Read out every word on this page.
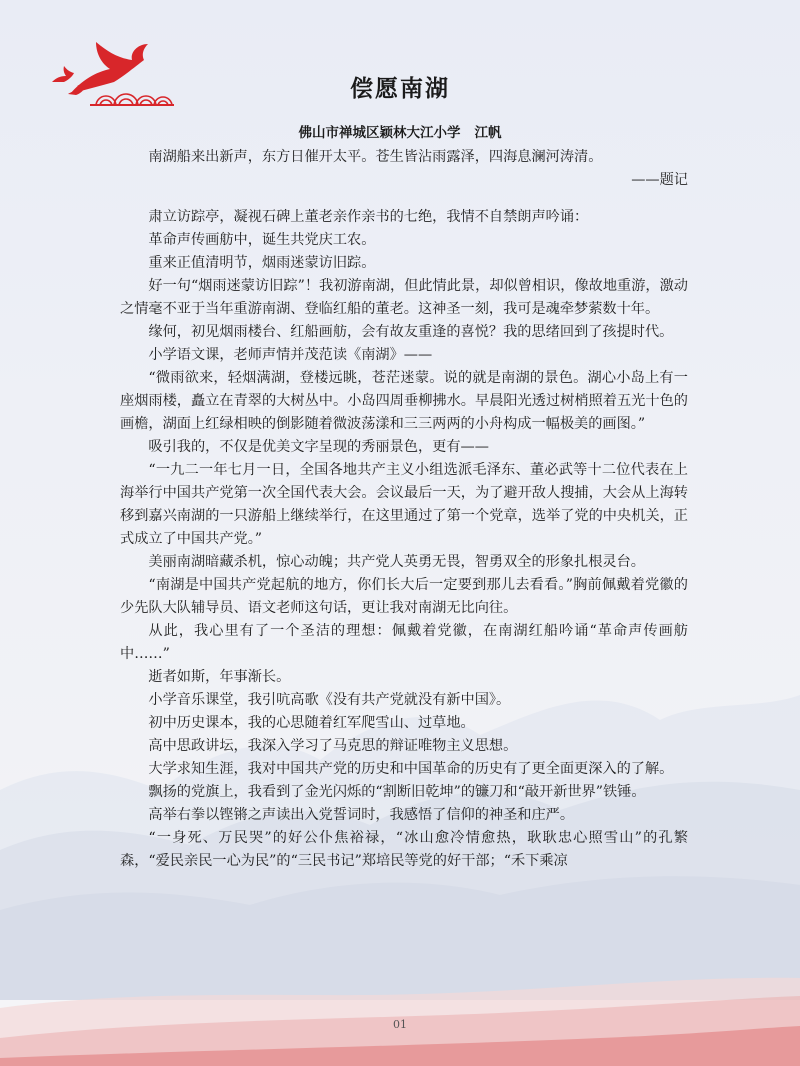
偿愿南湖
佛山市禅城区颖林大江小学 江帆

南湖船来出新声，东方日催开太平。苍生皆沾雨露泽，四海息澜河涛清。

——题记

肃立访踪亭，凝视石碑上董老亲作亲书的七绝，我情不自禁朗声吟诵：

革命声传画舫中，诞生共党庆工农。

重来正值清明节，烟雨迷蒙访旧踪。

好一句“烟雨迷蒙访旧踪”！我初游南湖，但此情此景，却似曾相识，像故地重游，激动之情毫不亚于当年重游南湖、登临红船的董老。这神圣一刻，我可是魂牵梦萦数十年。

缘何，初见烟雨楼台、红船画舫，会有故友重逢的喜悦？我的思绪回到了孩提时代。

小学语文课，老师声情并茂范读《南湖》——

“微雨欲来，轻烟满湖，登楼远眺，苍茫迷蒙。说的就是南湖的景色。湖心小岛上有一座烟雨楼，矗立在青翠的大树丛中。小岛四周垂柳拂水。早晨阳光透过树梢照着五光十色的画檐，湖面上红绿相映的倒影随着微波荡漾和三三两两的小舟构成一幅极美的画图。”

吸引我的，不仅是优美文字呈现的秀丽景色，更有——

“一九二一年七月一日，全国各地共产主义小组选派毛泽东、董必武等十二位代表在上海举行中国共产党第一次全国代表大会。会议最后一天，为了避开敌人搜捕，大会从上海转移到嘉兴南湖的一只游船上继续举行，在这里通过了第一个党章，选举了党的中央机关，正式成立了中国共产党。”

美丽南湖暗藏杀机，惊心动魄；共产党人英勇无畏，智勇双全的形象扎根灵台。

“南湖是中国共产党起航的地方，你们长大后一定要到那儿去看看。”胸前佩戴着党徽的少先队大队辅导员、语文老师这句话，更让我对南湖无比向往。

从此，我心里有了一个圣洁的理想：佩戴着党徽，在南湖红船吟诵“革命声传画舫中……”

逝者如斯，年事渐长。

小学音乐课堂，我引吭高歌《没有共产党就没有新中国》。

初中历史课本，我的心思随着红军爬雪山、过草地。

高中思政讲坛，我深入学习了马克思的辩证唯物主义思想。

大学求知生涯，我对中国共产党的历史和中国革命的历史有了更全面更深入的了解。

飘扬的党旗上，我看到了金光闪烁的“割断旧乾坤”的镰刀和“敲开新世界”铁锤。

高举右拳以铿锵之声读出入党誓词时，我感悟了信仰的神圣和庄严。

“一身死、万民哭”的好公仆焦裕禄，“冰山愈冷情愈热，耿耿忠心照雪山”的孔繁森，“爱民亲民一心为民”的“三民书记”郑培民等党的好干部；“禾下乘凉

01
